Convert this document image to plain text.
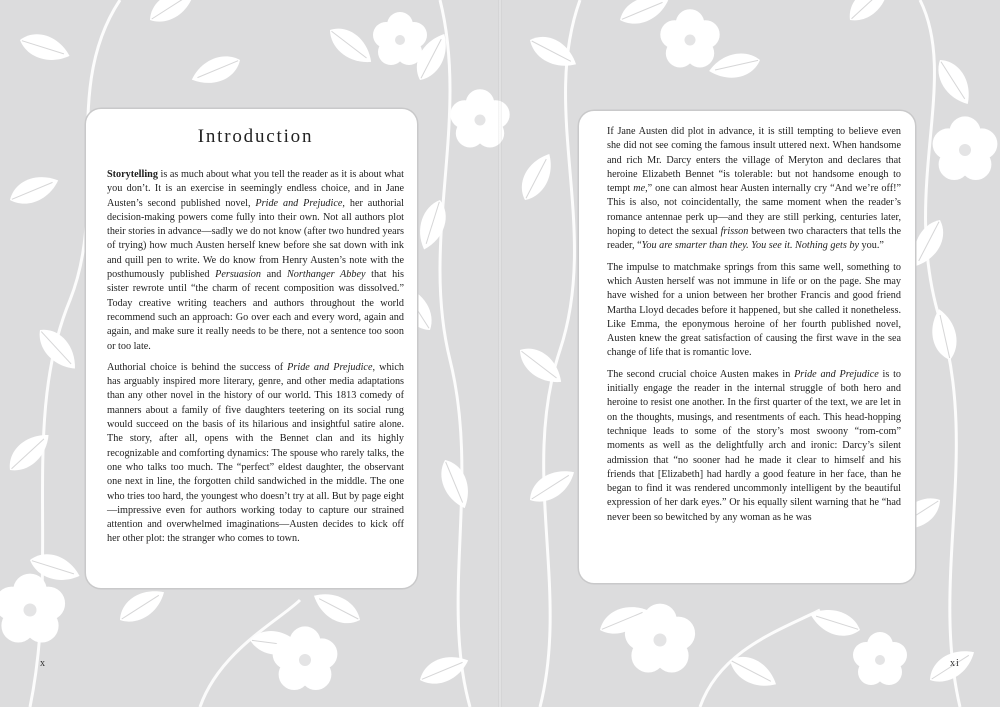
Introduction

Storytelling is as much about what you tell the reader as it is about what you don’t. It is an exercise in seemingly endless choice, and in Jane Austen’s second published novel, Pride and Prejudice, her authorial decision-making powers come fully into their own. Not all authors plot their stories in advance—sadly we do not know (after two hundred years of trying) how much Austen herself knew before she sat down with ink and quill pen to write. We do know from Henry Austen’s note with the posthumously published Persuasion and Northanger Abbey that his sister rewrote until “the charm of recent composition was dissolved.” Today creative writing teachers and authors throughout the world recommend such an approach: Go over each and every word, again and again, and make sure it really needs to be there, not a sentence too soon or too late.

Authorial choice is behind the success of Pride and Prejudice, which has arguably inspired more literary, genre, and other media adaptations than any other novel in the history of our world. This 1813 comedy of manners about a family of five daughters teetering on its social rung would succeed on the basis of its hilarious and insightful satire alone. The story, after all, opens with the Bennet clan and its highly recognizable and comforting dynamics: The spouse who rarely talks, the one who talks too much. The “perfect” eldest daughter, the observant one next in line, the forgotten child sandwiched in the middle. The one who tries too hard, the youngest who doesn’t try at all. But by page eight—impressive even for authors working today to capture our strained attention and overwhelmed imaginations—Austen decides to kick off her other plot: the stranger who comes to town.

x

If Jane Austen did plot in advance, it is still tempting to believe even she did not see coming the famous insult uttered next. When handsome and rich Mr. Darcy enters the village of Meryton and declares that heroine Elizabeth Bennet “is tolerable: but not handsome enough to tempt me,” one can almost hear Austen internally cry “And we’re off!” This is also, not coincidentally, the same moment when the reader’s romance antennae perk up—and they are still perking, centuries later, hoping to detect the sexual frisson between two characters that tells the reader, “You are smarter than they. You see it. Nothing gets by you.”

The impulse to matchmake springs from this same well, something to which Austen herself was not immune in life or on the page. She may have wished for a union between her brother Francis and good friend Martha Lloyd decades before it happened, but she called it nonetheless. Like Emma, the eponymous heroine of her fourth published novel, Austen knew the great satisfaction of causing the first wave in the sea change of life that is romantic love.

The second crucial choice Austen makes in Pride and Prejudice is to initially engage the reader in the internal struggle of both hero and heroine to resist one another. In the first quarter of the text, we are let in on the thoughts, musings, and resentments of each. This head-hopping technique leads to some of the story’s most swoony “rom-com” moments as well as the delightfully arch and ironic: Darcy’s silent admission that “no sooner had he made it clear to himself and his friends that [Elizabeth] had hardly a good feature in her face, than he began to find it was rendered uncommonly intelligent by the beautiful expression of her dark eyes.” Or his equally silent warning that he “had never been so bewitched by any woman as he was

xi
